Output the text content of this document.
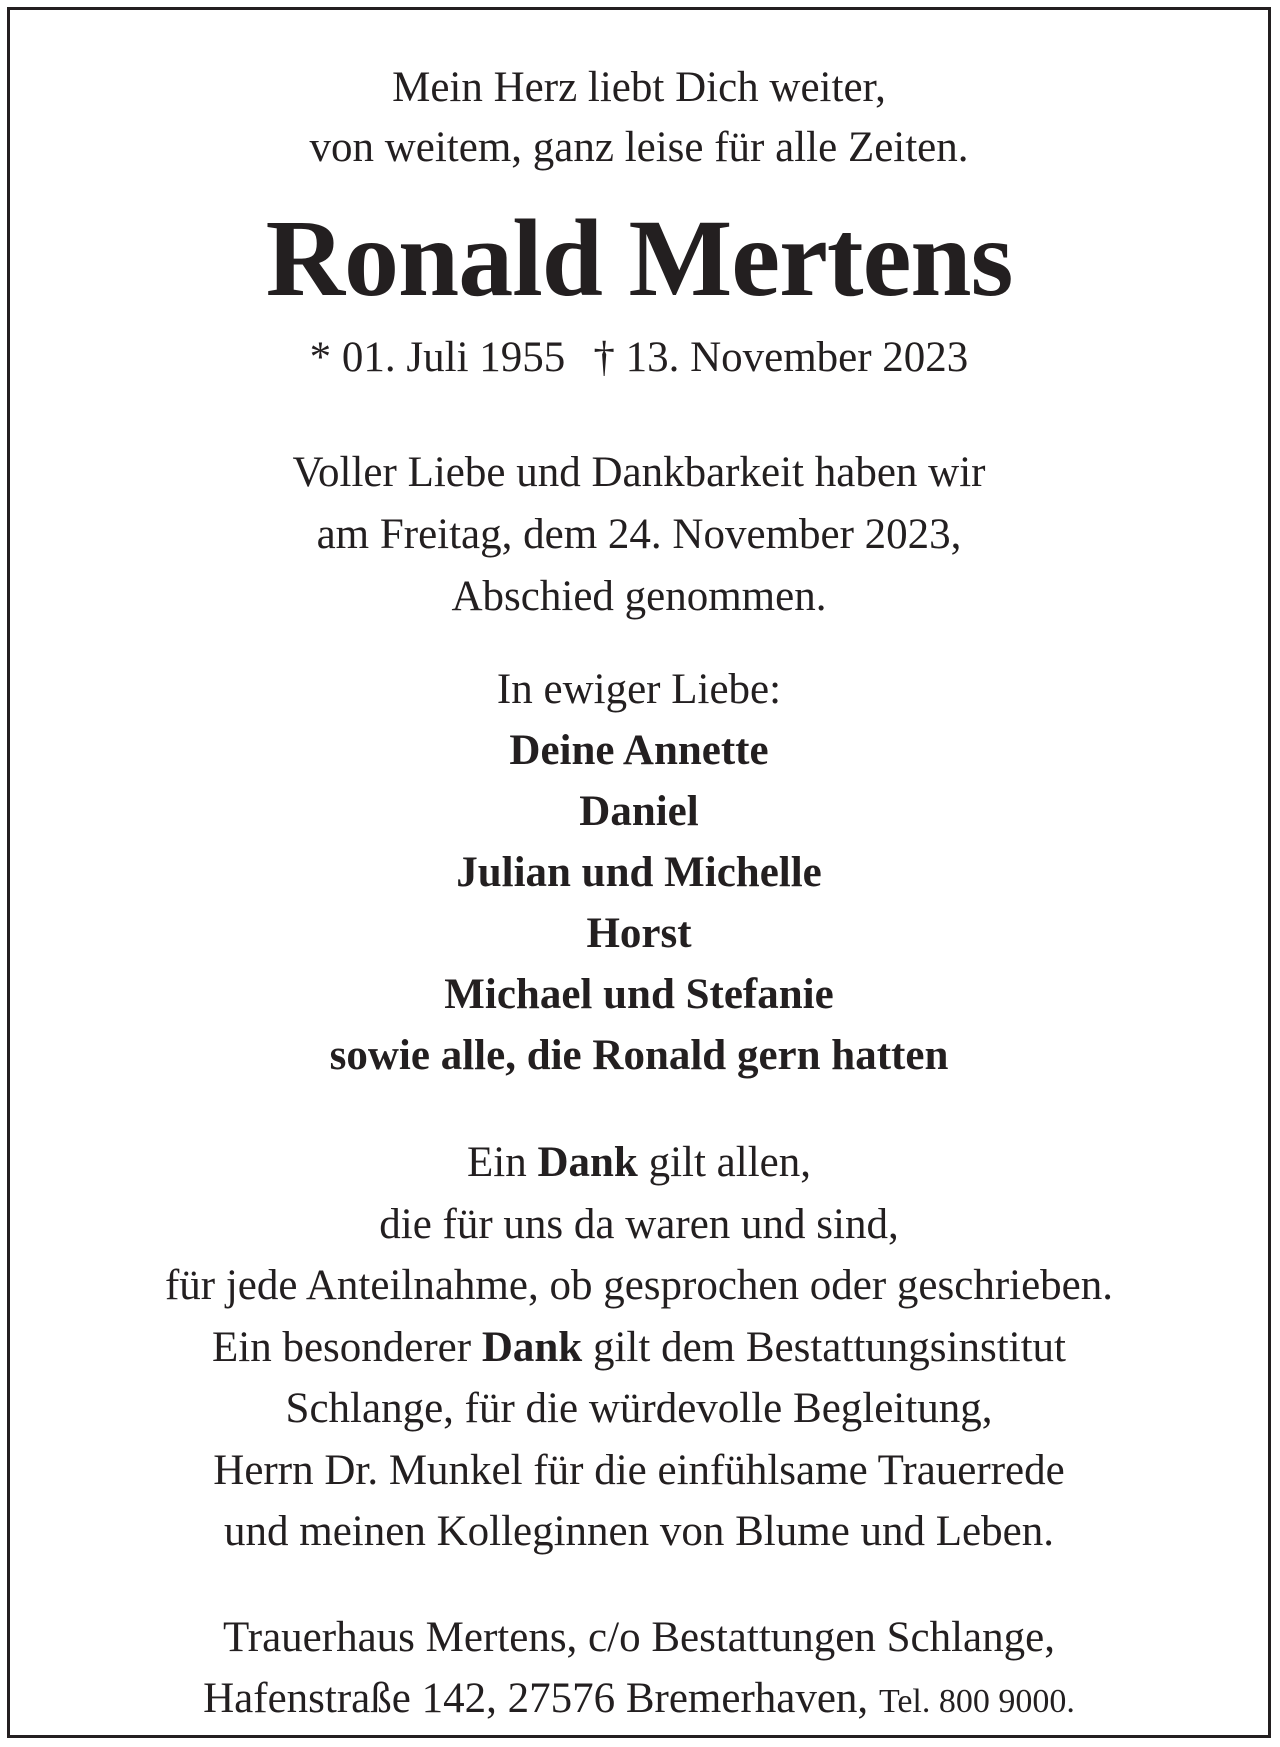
Mein Herz liebt Dich weiter,
von weitem, ganz leise für alle Zeiten.
Ronald Mertens
* 01. Juli 1955 † 13. November 2023
Voller Liebe und Dankbarkeit haben wir
am Freitag, dem 24. November 2023,
Abschied genommen.
In ewiger Liebe:
Deine Annette
Daniel
Julian und Michelle
Horst
Michael und Stefanie
sowie alle, die Ronald gern hatten
Ein Dank gilt allen,
die für uns da waren und sind,
für jede Anteilnahme, ob gesprochen oder geschrieben.
Ein besonderer Dank gilt dem Bestattungsinstitut
Schlange, für die würdevolle Begleitung,
Herrn Dr. Munkel für die einfühlsame Trauerrede
und meinen Kolleginnen von Blume und Leben.
Trauerhaus Mertens, c/o Bestattungen Schlange,
Hafenstraße 142, 27576 Bremerhaven, Tel. 800 9000.
